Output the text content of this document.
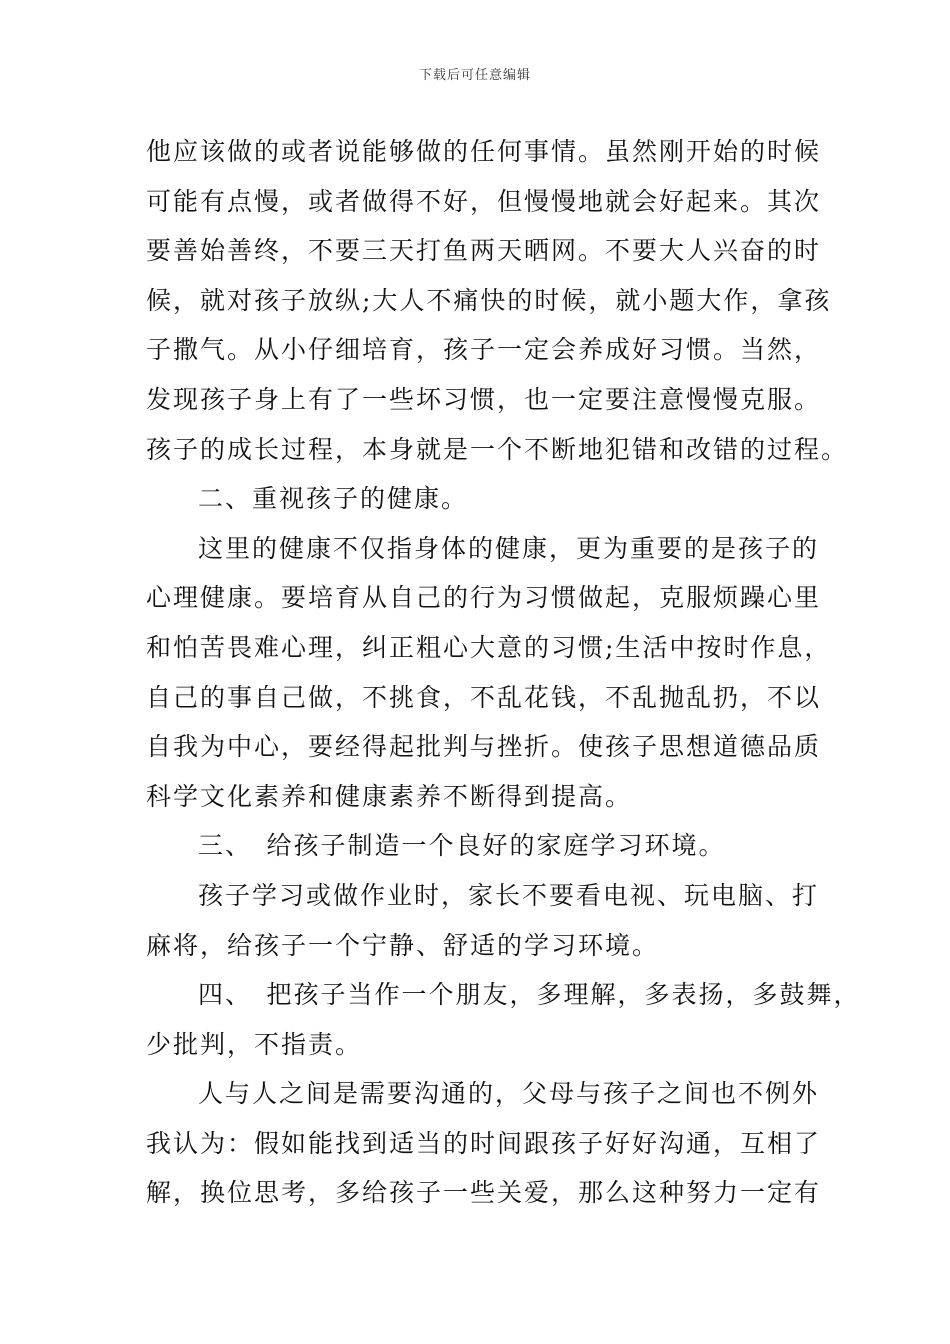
下载后可任意编辑
他应该做的或者说能够做的任何事情。虽然刚开始的时候
可能有点慢，或者做得不好，但慢慢地就会好起来。其次
要善始善终，不要三天打鱼两天晒网。不要大人兴奋的时
候，就对孩子放纵;大人不痛快的时候，就小题大作，拿孩
子撒气。从小仔细培育，孩子一定会养成好习惯。当然，
发现孩子身上有了一些坏习惯，也一定要注意慢慢克服。
孩子的成长过程，本身就是一个不断地犯错和改错的过程。
二、重视孩子的健康。
这里的健康不仅指身体的健康，更为重要的是孩子的
心理健康。要培育从自己的行为习惯做起，克服烦躁心里
和怕苦畏难心理，纠正粗心大意的习惯;生活中按时作息，
自己的事自己做，不挑食，不乱花钱，不乱抛乱扔，不以
自我为中心，要经得起批判与挫折。使孩子思想道德品质
科学文化素养和健康素养不断得到提高。
三、　给孩子制造一个良好的家庭学习环境。
孩子学习或做作业时，家长不要看电视、玩电脑、打
麻将，给孩子一个宁静、舒适的学习环境。
四、　把孩子当作一个朋友，多理解，多表扬，多鼓舞，
少批判，不指责。
人与人之间是需要沟通的，父母与孩子之间也不例外
我认为：假如能找到适当的时间跟孩子好好沟通，互相了
解，换位思考，多给孩子一些关爱，那么这种努力一定有
